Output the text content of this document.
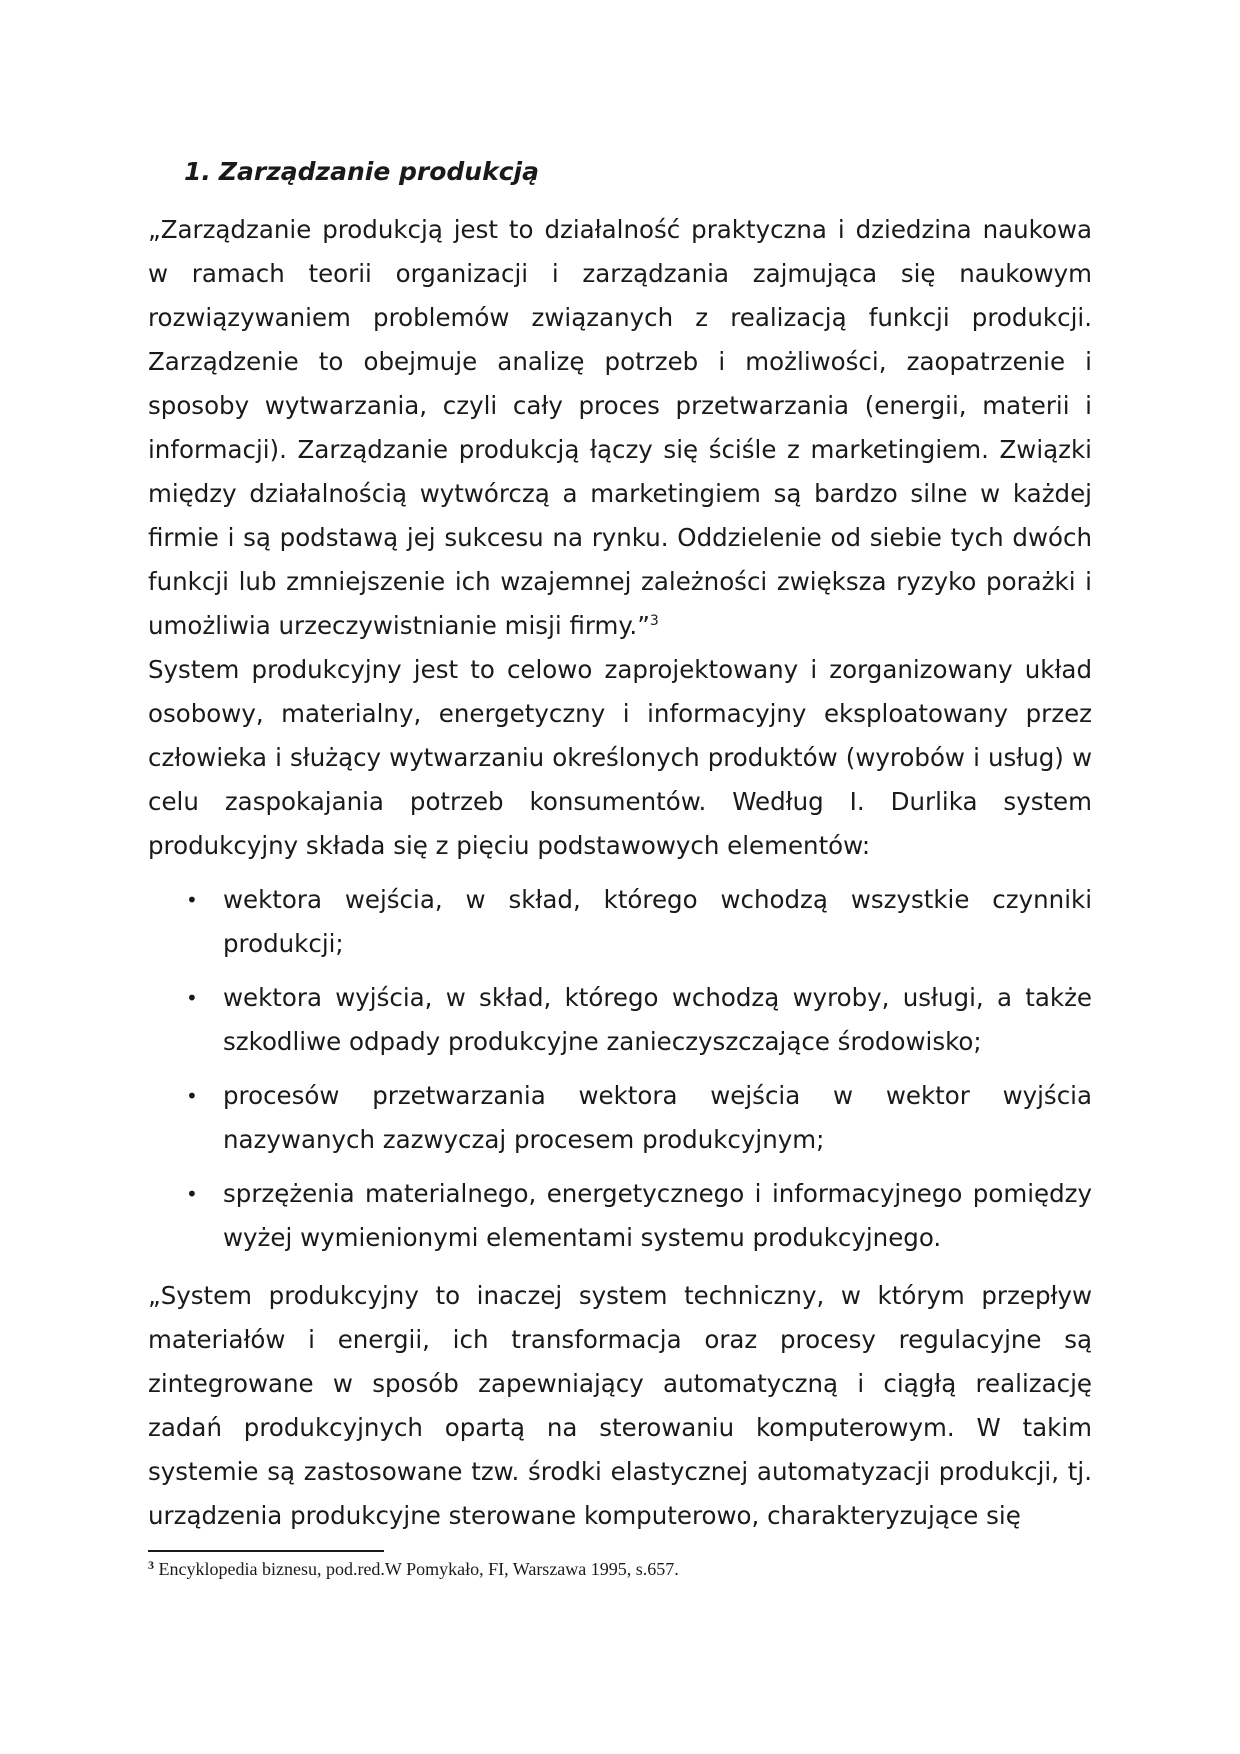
1. Zarządzanie produkcją

„Zarządzanie produkcją jest to działalność praktyczna i dziedzina naukowa w ramach teorii organizacji i zarządzania zajmująca się naukowym rozwiązywaniem problemów związanych z realizacją funkcji produkcji. Zarządzenie to obejmuje analizę potrzeb i możliwości, zaopatrzenie i sposoby wytwarzania, czyli cały proces przetwarzania (energii, materii i informacji). Zarządzanie produkcją łączy się ściśle z marketingiem. Związki między działalnością wytwórczą a marketingiem są bardzo silne w każdej firmie i są podstawą jej sukcesu na rynku. Oddzielenie od siebie tych dwóch funkcji lub zmniejszenie ich wzajemnej zależności zwiększa ryzyko porażki i umożliwia urzeczywistnianie misji firmy.”$^3$

System produkcyjny jest to celowo zaprojektowany i zorganizowany układ osobowy, materialny, energetyczny i informacyjny eksploatowany przez człowieka i służący wytwarzaniu określonych produktów (wyrobów i usług) w celu zaspokajania potrzeb konsumentów. Według I. Durlika system produkcyjny składa się z pięciu podstawowych elementów:

• wektora wejścia, w skład, którego wchodzą wszystkie czynniki produkcji;
• wektora wyjścia, w skład, którego wchodzą wyroby, usługi, a także szkodliwe odpady produkcyjne zanieczyszczające środowisko;
• procesów przetwarzania wektora wejścia w wektor wyjścia nazywanych zazwyczaj procesem produkcyjnym;
• sprzężenia materialnego, energetycznego i informacyjnego pomiędzy wyżej wymienionymi elementami systemu produkcyjnego.

„System produkcyjny to inaczej system techniczny, w którym przepływ materiałów i energii, ich transformacja oraz procesy regulacyjne są zintegrowane w sposób zapewniający automatyczną i ciągłą realizację zadań produkcyjnych opartą na sterowaniu komputerowym. W takim systemie są zastosowane tzw. środki elastycznej automatyzacji produkcji, tj. urządzenia produkcyjne sterowane komputerowo, charakteryzujące się

$^3$ Encyklopedia biznesu, pod.red.W Pomykało, FI, Warszawa 1995, s.657.
